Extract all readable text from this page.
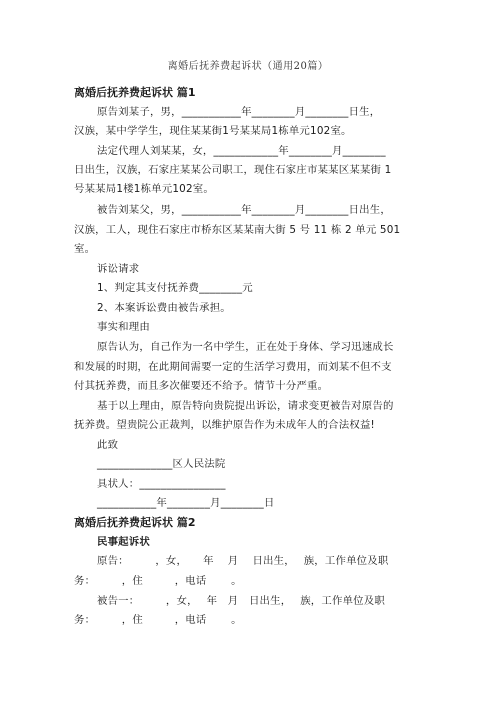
离婚后抚养费起诉状（通用20篇）
离婚后抚养费起诉状 篇1
原告刘某子，男，___________年________月________日生，
汉族，某中学学生，现住某某街1号某某局1栋单元102室。
法定代理人刘某某，女，____________年________月________
日出生，汉族，石家庄某某公司职工，现住石家庄市某某区某某街 1
号某某局1楼1栋单元102室。
被告刘某父，男，___________年________月________日出生，
汉族，工人，现住石家庄市桥东区某某南大街 5 号 11 栋 2 单元 501
室。
诉讼请求
1、判定其支付抚养费________元
2、本案诉讼费由被告承担。
事实和理由
原告认为，自己作为一名中学生，正在处于身体、学习迅速成长
和发展的时期，在此期间需要一定的生活学习费用，而刘某不但不支
付其抚养费，而且多次催要还不给予。情节十分严重。
基于以上理由，原告特向贵院提出诉讼，请求变更被告对原告的
抚养费。望贵院公正裁判，以维护原告作为未成年人的合法权益!
此致
______________区人民法院
具状人：________________
___________年________月________日
离婚后抚养费起诉状 篇2
民事起诉状
原告：　　　，女，　　年　 月　 日出生，　 族，工作单位及职
务：　　　，住　　　，电话　　 。
被告一：　　　，女，　 年　月　日出生，　 族，工作单位及职
务：　　　，住　　　，电话　　 。
